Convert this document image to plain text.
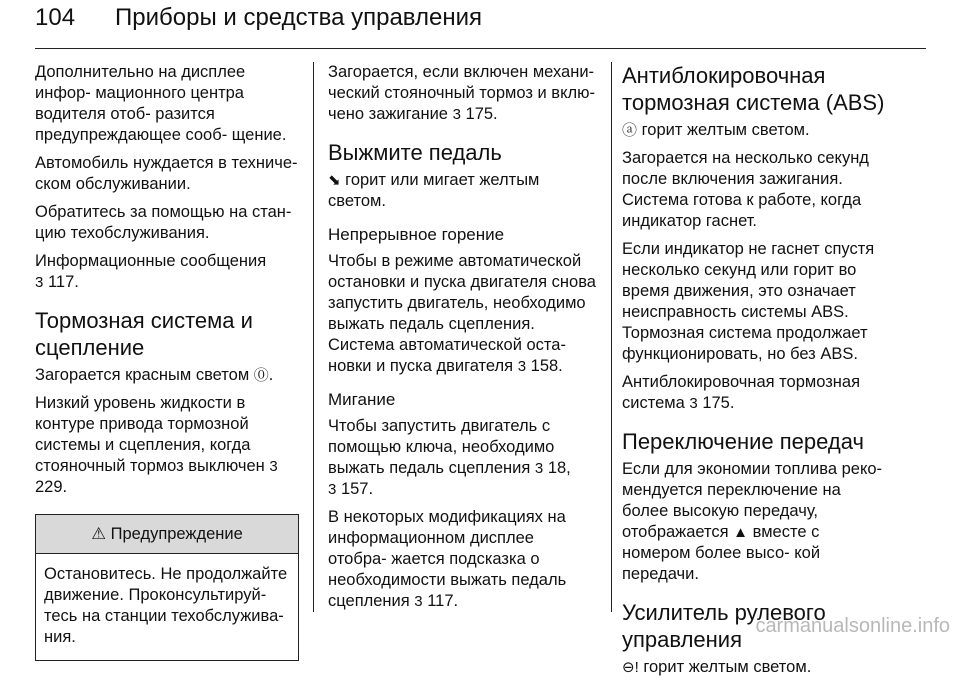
104 Приборы и средства управления

Дополнительно на дисплее инфор- мационного центра водителя отоб- разится предупреждающее сооб- щение.

Автомобиль нуждается в техниче- ском обслуживании.

Обратитесь за помощью на стан- цию техобслуживания.

Информационные сообщения
3 117.

Тормозная система и сцепление

Загорается красным светом ⓪.

Низкий уровень жидкости в контуре привода тормозной системы и сцепления, когда стояночный тормоз выключен 3 229.

⚠ Предупреждение
Остановитесь. Не продолжайте движение. Проконсультируй- тесь на станции техобслужива- ния.

Загорается, если включен механи- ческий стояночный тормоз и вклю- чено зажигание 3 175.

Выжмите педаль

⬊ горит или мигает желтым светом.

Непрерывное горение

Чтобы в режиме автоматической остановки и пуска двигателя снова запустить двигатель, необходимо выжать педаль сцепления.

Система автоматической оста- новки и пуска двигателя 3 158.

Мигание

Чтобы запустить двигатель с помощью ключа, необходимо выжать педаль сцепления 3 18,
3 157.

В некоторых модификациях на информационном дисплее отобра- жается подсказка о необходимости выжать педаль сцепления 3 117.

Антиблокировочная тормозная система (ABS)

ⓐ горит желтым светом.

Загорается на несколько секунд после включения зажигания. Система готова к работе, когда индикатор гаснет.

Если индикатор не гаснет спустя несколько секунд или горит во время движения, это означает неисправность системы ABS. Тормозная система продолжает функционировать, но без ABS.

Антиблокировочная тормозная система 3 175.

Переключение передач

Если для экономии топлива реко- мендуется переключение на более высокую передачу, отображается ▲ вместе с номером более высо- кой передачи.

Усилитель рулевого управления

⊖! горит желтым светом.

carmanualsonline.info
